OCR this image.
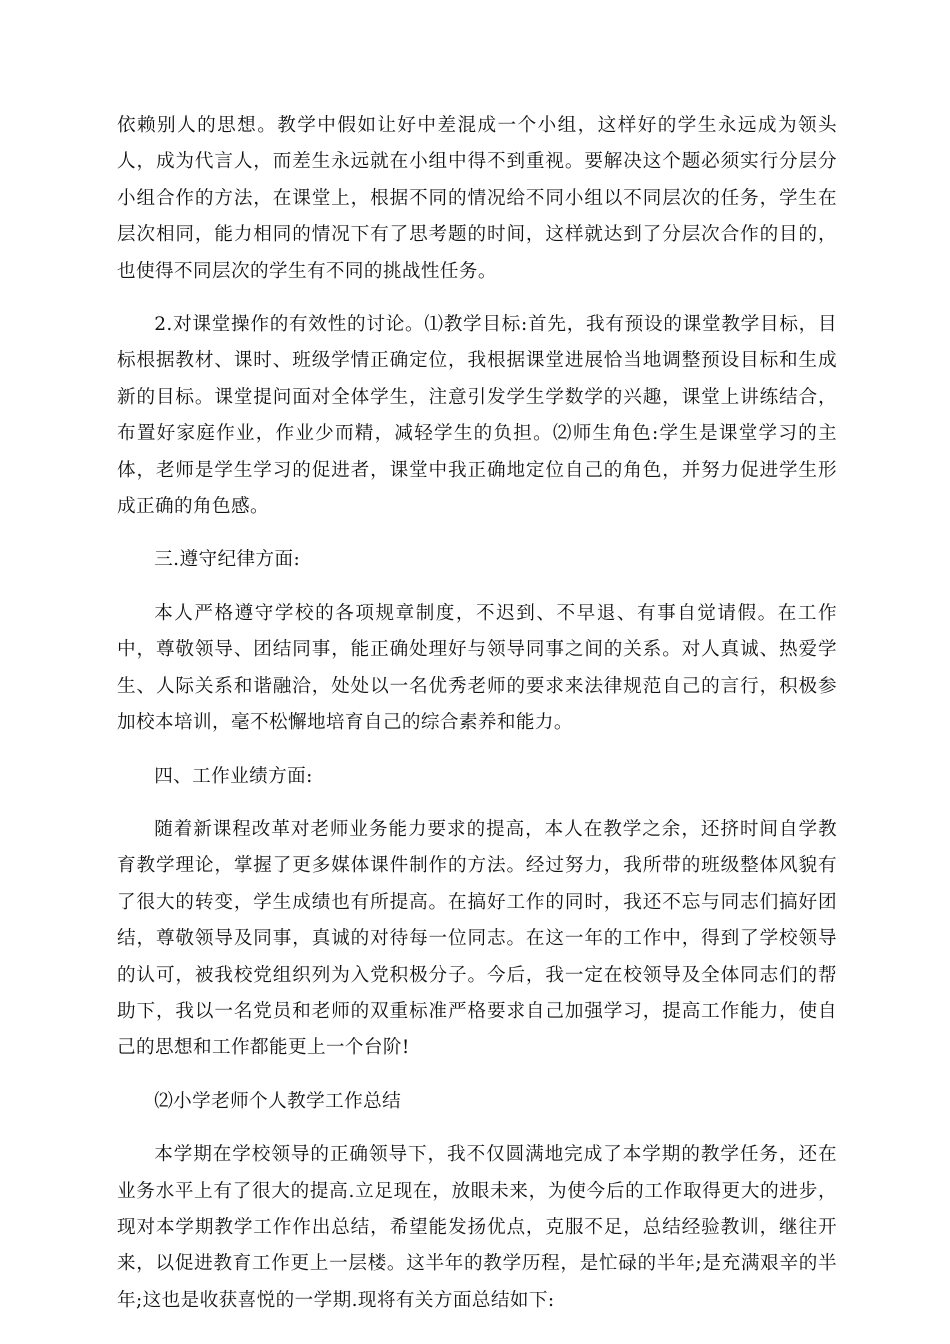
依赖别人的思想。教学中假如让好中差混成一个小组，这样好的学生永远成为领头人，成为代言人，而差生永远就在小组中得不到重视。要解决这个题必须实行分层分小组合作的方法，在课堂上，根据不同的情况给不同小组以不同层次的任务，学生在层次相同，能力相同的情况下有了思考题的时间，这样就达到了分层次合作的目的，也使得不同层次的学生有不同的挑战性任务。

2.对课堂操作的有效性的讨论。⑴教学目标:首先，我有预设的课堂教学目标，目标根据教材、课时、班级学情正确定位，我根据课堂进展恰当地调整预设目标和生成新的目标。课堂提问面对全体学生，注意引发学生学数学的兴趣，课堂上讲练结合，布置好家庭作业，作业少而精，减轻学生的负担。⑵师生角色:学生是课堂学习的主体，老师是学生学习的促进者，课堂中我正确地定位自己的角色，并努力促进学生形成正确的角色感。

三.遵守纪律方面:

本人严格遵守学校的各项规章制度，不迟到、不早退、有事自觉请假。在工作中，尊敬领导、团结同事，能正确处理好与领导同事之间的关系。对人真诚、热爱学生、人际关系和谐融洽，处处以一名优秀老师的要求来法律规范自己的言行，积极参加校本培训，毫不松懈地培育自己的综合素养和能力。

四、工作业绩方面:

随着新课程改革对老师业务能力要求的提高，本人在教学之余，还挤时间自学教育教学理论，掌握了更多媒体课件制作的方法。经过努力，我所带的班级整体风貌有了很大的转变，学生成绩也有所提高。在搞好工作的同时，我还不忘与同志们搞好团结，尊敬领导及同事，真诚的对待每一位同志。在这一年的工作中，得到了学校领导的认可，被我校党组织列为入党积极分子。今后，我一定在校领导及全体同志们的帮助下，我以一名党员和老师的双重标准严格要求自己加强学习，提高工作能力，使自己的思想和工作都能更上一个台阶!

⑵小学老师个人教学工作总结

本学期在学校领导的正确领导下，我不仅圆满地完成了本学期的教学任务，还在业务水平上有了很大的提高.立足现在，放眼未来，为使今后的工作取得更大的进步，现对本学期教学工作作出总结，希望能发扬优点，克服不足，总结经验教训，继往开来，以促进教育工作更上一层楼。这半年的教学历程，是忙碌的半年;是充满艰辛的半年;这也是收获喜悦的一学期.现将有关方面总结如下:
